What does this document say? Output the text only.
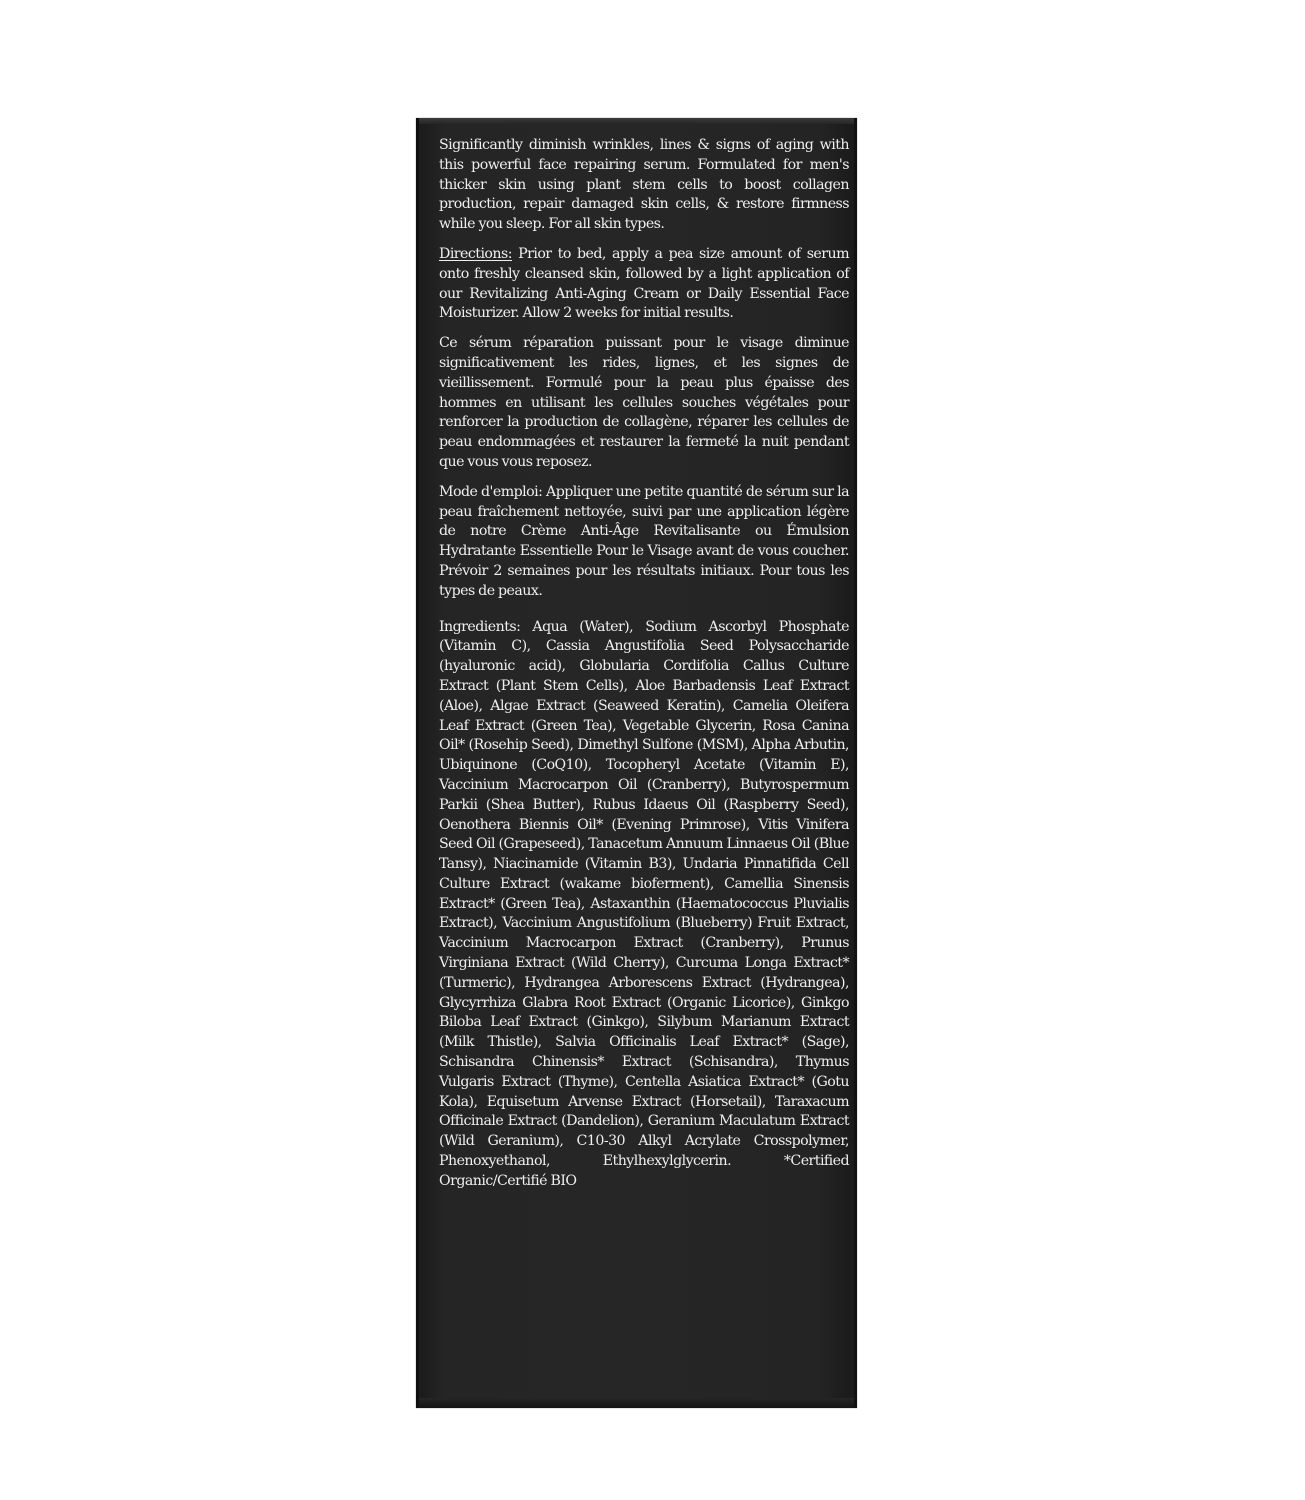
Significantly diminish wrinkles, lines & signs of aging with this powerful face repairing serum. Formulated for men's thicker skin using plant stem cells to boost collagen production, repair damaged skin cells, & restore firmness while you sleep. For all skin types.

Directions: Prior to bed, apply a pea size amount of serum onto freshly cleansed skin, followed by a light application of our Revitalizing Anti-Aging Cream or Daily Essential Face Moisturizer. Allow 2 weeks for initial results.

Ce sérum réparation puissant pour le visage diminue significativement les rides, lignes, et les signes de vieillissement. Formulé pour la peau plus épaisse des hommes en utilisant les cellules souches végétales pour renforcer la production de collagène, réparer les cellules de peau endommagées et restaurer la fermeté la nuit pendant que vous vous reposez.

Mode d'emploi: Appliquer une petite quantité de sérum sur la peau fraîchement nettoyée, suivi par une application légère de notre Crème Anti-Âge Revitalisante ou Émulsion Hydratante Essentielle Pour le Visage avant de vous coucher. Prévoir 2 semaines pour les résultats initiaux. Pour tous les types de peaux.

Ingredients: Aqua (Water), Sodium Ascorbyl Phosphate (Vitamin C), Cassia Angustifolia Seed Polysaccharide (hyaluronic acid), Globularia Cordifolia Callus Culture Extract (Plant Stem Cells), Aloe Barbadensis Leaf Extract (Aloe), Algae Extract (Seaweed Keratin), Camelia Oleifera Leaf Extract (Green Tea), Vegetable Glycerin, Rosa Canina Oil* (Rosehip Seed), Dimethyl Sulfone (MSM), Alpha Arbutin, Ubiquinone (CoQ10), Tocopheryl Acetate (Vitamin E), Vaccinium Macrocarpon Oil (Cranberry), Butyrospermum Parkii (Shea Butter), Rubus Idaeus Oil (Raspberry Seed), Oenothera Biennis Oil* (Evening Primrose), Vitis Vinifera Seed Oil (Grapeseed), Tanacetum Annuum Linnaeus Oil (Blue Tansy), Niacinamide (Vitamin B3), Undaria Pinnatifida Cell Culture Extract (wakame bioferment), Camellia Sinensis Extract* (Green Tea), Astaxanthin (Haematococcus Pluvialis Extract), Vaccinium Angustifolium (Blueberry) Fruit Extract, Vaccinium Macrocarpon Extract (Cranberry), Prunus Virginiana Extract (Wild Cherry), Curcuma Longa Extract* (Turmeric), Hydrangea Arborescens Extract (Hydrangea), Glycyrrhiza Glabra Root Extract (Organic Licorice), Ginkgo Biloba Leaf Extract (Ginkgo), Silybum Marianum Extract (Milk Thistle), Salvia Officinalis Leaf Extract* (Sage), Schisandra Chinensis* Extract (Schisandra), Thymus Vulgaris Extract (Thyme), Centella Asiatica Extract* (Gotu Kola), Equisetum Arvense Extract (Horsetail), Taraxacum Officinale Extract (Dandelion), Geranium Maculatum Extract (Wild Geranium), C10-30 Alkyl Acrylate Crosspolymer, Phenoxyethanol, Ethylhexylglycerin. *Certified Organic/Certifié BIO
